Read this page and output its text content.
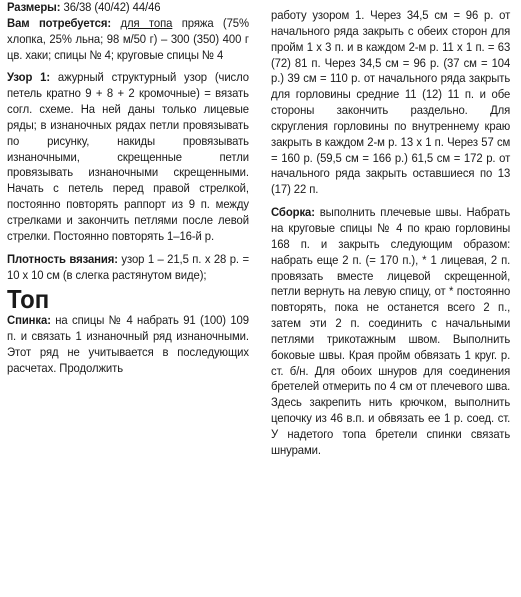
Размеры: 36/38 (40/42) 44/46

Вам потребуется: для топа пряжа (75% хлопка, 25% льна; 98 м/50 г) – 300 (350) 400 г цв. хаки; спицы № 4; круговые спицы № 4

Узор 1: ажурный структурный узор (число петель кратно 9 + 8 + 2 кромочные) = вязать согл. схеме. На ней даны только лицевые ряды; в изнаночных рядах петли провязывать по рисунку, накиды провязывать изнаночными, скрещенные петли провязывать изнаночными скрещенными. Начать с петель перед правой стрелкой, постоянно повторять раппорт из 9 п. между стрелками и закончить петлями после левой стрелки. Постоянно повторять 1–16-й р.

Плотность вязания: узор 1 – 21,5 п. х 28 р. = 10 х 10 см (в слегка растянутом виде);

Топ

Спинка: на спицы № 4 набрать 91 (100) 109 п. и связать 1 изнаночный ряд изнаночными. Этот ряд не учитывается в последующих расчетах. Продолжить

работу узором 1. Через 34,5 см = 96 р. от начального ряда закрыть с обеих сторон для пройм 1 х 3 п. и в каждом 2-м р. 11 х 1 п. = 63 (72) 81 п. Через 34,5 см = 96 р. (37 см = 104 р.) 39 см = 110 р. от начального ряда закрыть для горловины средние 11 (12) 11 п. и обе стороны закончить раздельно. Для скругления горловины по внутреннему краю закрыть в каждом 2-м р. 13 х 1 п. Через 57 см = 160 р. (59,5 см = 166 р.) 61,5 см = 172 р. от начального ряда закрыть оставшиеся по 13 (17) 22 п.

Сборка: выполнить плечевые швы. Набрать на круговые спицы № 4 по краю горловины 168 п. и закрыть следующим образом: набрать еще 2 п. (= 170 п.), * 1 лицевая, 2 п. провязать вместе лицевой скрещенной, петли вернуть на левую спицу, от * постоянно повторять, пока не останется всего 2 п., затем эти 2 п. соединить с начальными петлями трикотажным швом. Выполнить боковые швы. Края пройм обвязать 1 круг. р. ст. б/н. Для обоих шнуров для соединения бретелей отмерить по 4 см от плечевого шва. Здесь закрепить нить крючком, выполнить цепочку из 46 в.п. и обвязать ее 1 р. соед. ст. У надетого топа бретели спинки связать шнурами.
